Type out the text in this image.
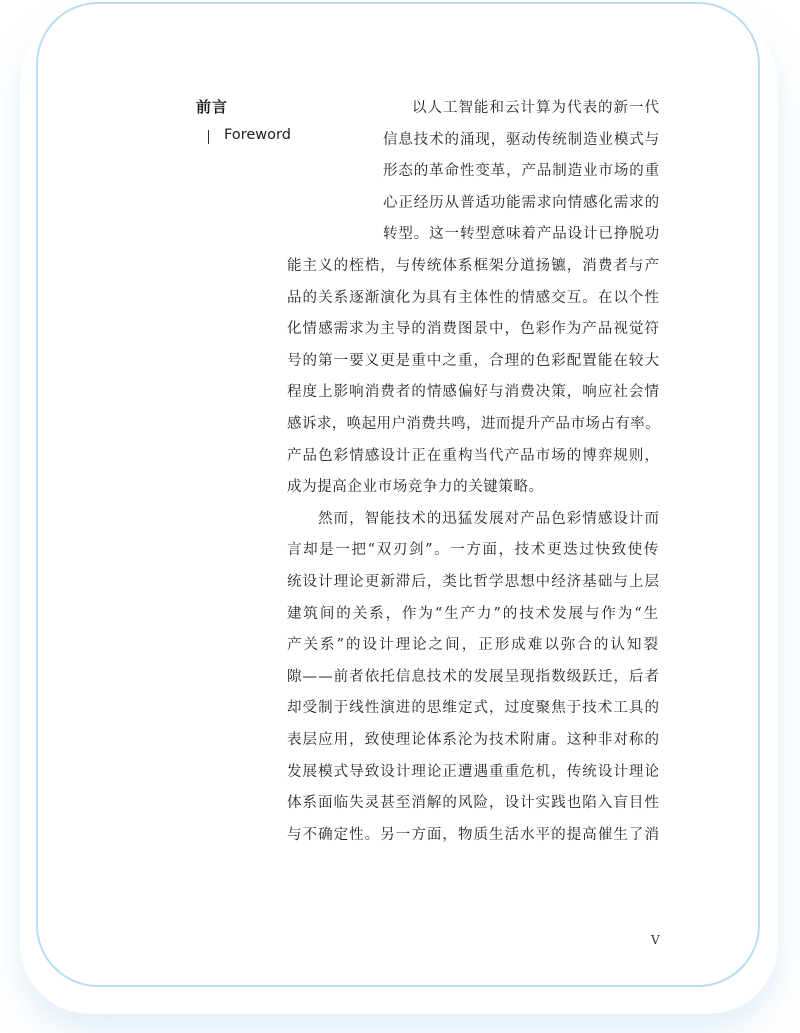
前言
Foreword
以人工智能和云计算为代表的新一代
信息技术的涌现，驱动传统制造业模式与
形态的革命性变革，产品制造业市场的重
心正经历从普适功能需求向情感化需求的
转型。这一转型意味着产品设计已挣脱功
能主义的桎梏，与传统体系框架分道扬镳，消费者与产
品的关系逐渐演化为具有主体性的情感交互。在以个性
化情感需求为主导的消费图景中，色彩作为产品视觉符
号的第一要义更是重中之重，合理的色彩配置能在较大
程度上影响消费者的情感偏好与消费决策，响应社会情
感诉求，唤起用户消费共鸣，进而提升产品市场占有率。
产品色彩情感设计正在重构当代产品市场的博弈规则，
成为提高企业市场竞争力的关键策略。
然而，智能技术的迅猛发展对产品色彩情感设计而
言却是一把“双刃剑”。一方面，技术更迭过快致使传
统设计理论更新滞后，类比哲学思想中经济基础与上层
建筑间的关系，作为“生产力”的技术发展与作为“生
产关系”的设计理论之间，正形成难以弥合的认知裂
隙——前者依托信息技术的发展呈现指数级跃迁，后者
却受制于线性演进的思维定式，过度聚焦于技术工具的
表层应用，致使理论体系沦为技术附庸。这种非对称的
发展模式导致设计理论正遭遇重重危机，传统设计理论
体系面临失灵甚至消解的风险，设计实践也陷入盲目性
与不确定性。另一方面，物质生活水平的提高催生了消
V
